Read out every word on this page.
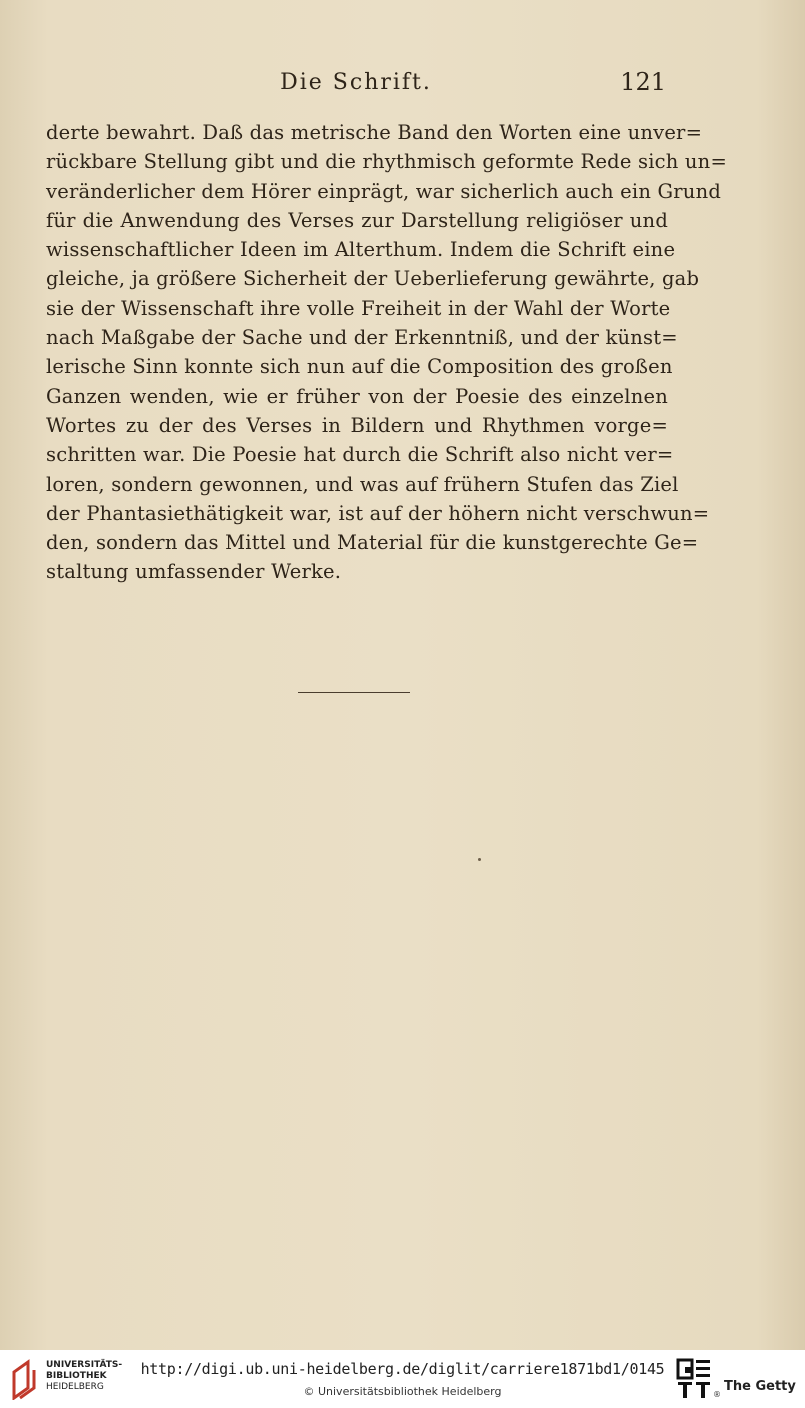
Die Schrift.	121
derte bewahrt. Daß das metrische Band den Worten eine unver=
rückbare Stellung gibt und die rhythmisch geformte Rede sich un=
veränderlicher dem Hörer einprägt, war sicherlich auch ein Grund
für die Anwendung des Verses zur Darstellung religiöser und
wissenschaftlicher Ideen im Alterthum. Indem die Schrift eine
gleiche, ja größere Sicherheit der Ueberlieferung gewährte, gab
sie der Wissenschaft ihre volle Freiheit in der Wahl der Worte
nach Maßgabe der Sache und der Erkenntniß, und der künst=
lerische Sinn konnte sich nun auf die Composition des großen
Ganzen wenden, wie er früher von der Poesie des einzelnen
Wortes zu der des Verses in Bildern und Rhythmen vorge=
schritten war. Die Poesie hat durch die Schrift also nicht ver=
loren, sondern gewonnen, und was auf frühern Stufen das Ziel
der Phantasiethätigkeit war, ist auf der höhern nicht verschwun=
den, sondern das Mittel und Material für die kunstgerechte Ge=
staltung umfassender Werke.
UNIVERSITÄTS-
BIBLIOTHEK
HEIDELBERG
http://digi.ub.uni-heidelberg.de/diglit/carriere1871bd1/0145
© Universitätsbibliothek Heidelberg	®
The Getty
